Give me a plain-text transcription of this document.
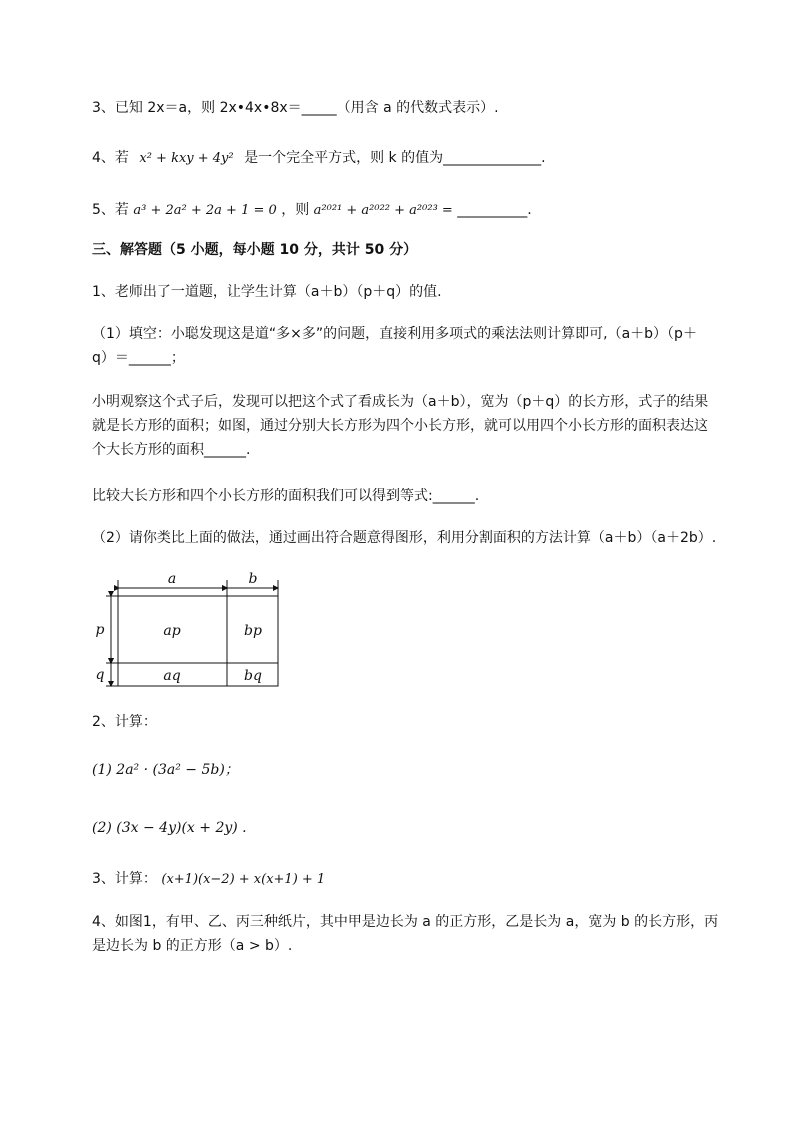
3、已知 2x＝a，则 2x•4x•8x＝_____（用含 a 的代数式表示）.
4、若 x² + kxy + 4y² 是一个完全平方式，则 k 的值为______________.
5、若 a³ + 2a² + 2a + 1 = 0 ，则 a²⁰²¹ + a²⁰²² + a²⁰²³ = __________.
三、解答题（5 小题，每小题 10 分，共计 50 分）
1、老师出了一道题，让学生计算（a＋b）（p＋q）的值.
（1）填空：小聪发现这是道“多×多”的问题，直接利用多项式的乘法法则计算即可,（a＋b）（p＋
q）＝______；
小明观察这个式子后，发现可以把这个式了看成长为（a＋b），宽为（p＋q）的长方形，式子的结果
就是长方形的面积；如图，通过分别大长方形为四个小长方形，就可以用四个小长方形的面积表达这
个大长方形的面积______.
比较大长方形和四个小长方形的面积我们可以得到等式:______.
（2）请你类比上面的做法，通过画出符合题意得图形，利用分割面积的方法计算（a＋b）（a＋2b）.
a	b
p
q
ap	bp
aq	bq
2、计算：
(1) 2a² · (3a² − 5b)；
(2) (3x − 4y)(x + 2y) .
3、计算： (x+1)(x−2) + x(x+1) + 1
4、如图1，有甲、乙、丙三种纸片，其中甲是边长为 a 的正方形，乙是长为 a，宽为 b 的长方形，丙
是边长为 b 的正方形（a > b）.
